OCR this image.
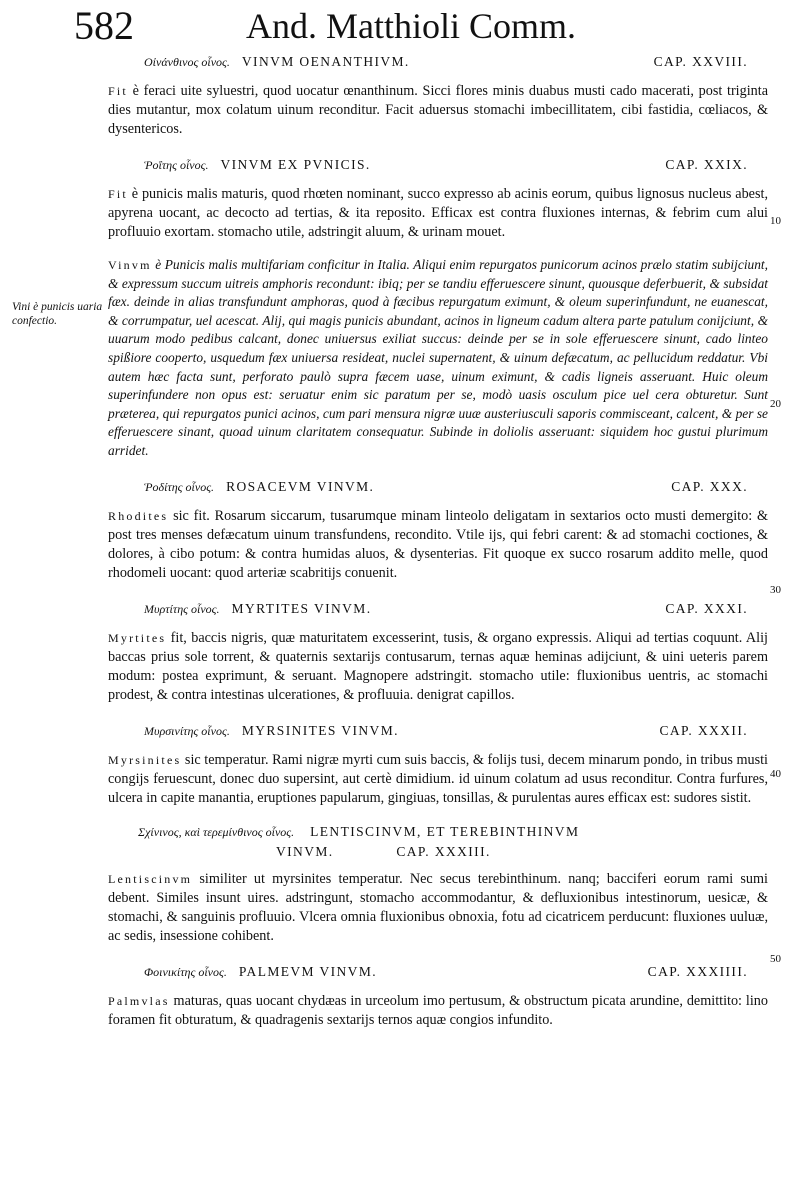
582	And. Matthioli Comm.
Vini è punicis uaria confectio.
10
20
30
40
50
Οἰνάνθινος οἶνος. VINVM OENANTHIVM.	CAP. XXVIII.

Fit è feraci uite syluestri, quod uocatur œnanthinum. Sicci flores minis duabus musti cado macerati, post triginta dies mutantur, mox colatum uinum reconditur. Facit aduersus stomachi imbecillitatem, cibi fastidia, cœliacos, & dysentericos.

Ῥοΐτης οἶνος. VINVM EX PVNICIS.	CAP. XXIX.

Fit è punicis malis maturis, quod rhœten nominant, succo expresso ab acinis eorum, quibus lignosus nucleus abest, apyrena uocant, ac decocto ad tertias, & ita reposito. Efficax est contra fluxiones internas, & febrim cum alui profluuio exortam. stomacho utile, adstringit aluum, & urinam mouet.

Vinvm è Punicis malis multifariam conficitur in Italia. Aliqui enim repurgatos punicorum acinos prælo statim subijciunt, & expressum succum uitreis amphoris recondunt: ibiq; per se tandiu efferuescere sinunt, quousque deferbuerit, & subsidat fæx. deinde in alias transfundunt amphoras, quod à fæcibus repurgatum eximunt, & oleum superinfundunt, ne euanescat, & corrumpatur, uel acescat. Alij, qui magis punicis abundant, acinos in ligneum cadum altera parte patulum conijciunt, & uuarum modo pedibus calcant, donec uniuersus exiliat succus: deinde per se in sole efferuescere sinunt, cado linteo spißiore cooperto, usquedum fæx uniuersa resideat, nuclei supernatent, & uinum defæcatum, ac pellucidum reddatur. Vbi autem hæc facta sunt, perforato paulò supra fæcem uase, uinum eximunt, & cadis ligneis asseruant. Huic oleum superinfundere non opus est: seruatur enim sic paratum per se, modò uasis osculum pice uel cera obturetur. Sunt præterea, qui repurgatos punici acinos, cum pari mensura nigræ uuæ austeriusculi saporis commisceant, calcent, & per se efferuescere sinant, quoad uinum claritatem consequatur. Subinde in doliolis asseruant: siquidem hoc gustui plurimum arridet.

Ῥοδίτης οἶνος. ROSACEVM VINVM.	CAP. XXX.

Rhodites sic fit. Rosarum siccarum, tusarumque minam linteolo deligatam in sextarios octo musti demergito: & post tres menses defæcatum uinum transfundens, recondito. Vtile ijs, qui febri carent: & ad stomachi coctiones, & dolores, à cibo potum: & contra humidas aluos, & dysenterias. Fit quoque ex succo rosarum addito melle, quod rhodomeli uocant: quod arteriæ scabritijs conuenit.

Μυρτίτης οἶνος. MYRTITES VINVM.	CAP. XXXI.

Myrtites fit, baccis nigris, quæ maturitatem excesserint, tusis, & organo expressis. Aliqui ad tertias coquunt. Alij baccas prius sole torrent, & quaternis sextarijs contusarum, ternas aquæ heminas adijciunt, & uini ueteris parem modum: postea exprimunt, & seruant. Magnopere adstringit. stomacho utile: fluxionibus uentris, ac stomachi prodest, & contra intestinas ulcerationes, & profluuia. denigrat capillos.

Μυρσινίτης οἶνος. MYRSINITES VINVM.	CAP. XXXII.

Myrsinites sic temperatur. Rami nigræ myrti cum suis baccis, & folijs tusi, decem minarum pondo, in tribus musti congijs feruescunt, donec duo supersint, aut certè dimidium. id uinum colatum ad usus reconditur. Contra furfures, ulcera in capite manantia, eruptiones papularum, gingiuas, tonsillas, & purulentas aures efficax est: sudores sistit.

Σχίνινος, καὶ τερεμίνθινος οἶνος. LENTISCINVM, ET TEREBINTHINVM
VINVM.	CAP. XXXIII.

Lentiscinvm similiter ut myrsinites temperatur. Nec secus terebinthinum. nanq; bacciferi eorum rami sumi debent. Similes insunt uires. adstringunt, stomacho accommodantur, & defluxionibus intestinorum, uesicæ, & stomachi, & sanguinis profluuio. Vlcera omnia fluxionibus obnoxia, fotu ad cicatricem perducunt: fluxiones uuluæ, ac sedis, insessione cohibent.

Φοινικίτης οἶνος. PALMEVM VINVM.	CAP. XXXIIII.

Palmvlas maturas, quas uocant chydæas in urceolum imo pertusum, & obstructum picata arundine, demittito: lino foramen fit obturatum, & quadragenis sextarijs ternos aquæ congios infundito.
